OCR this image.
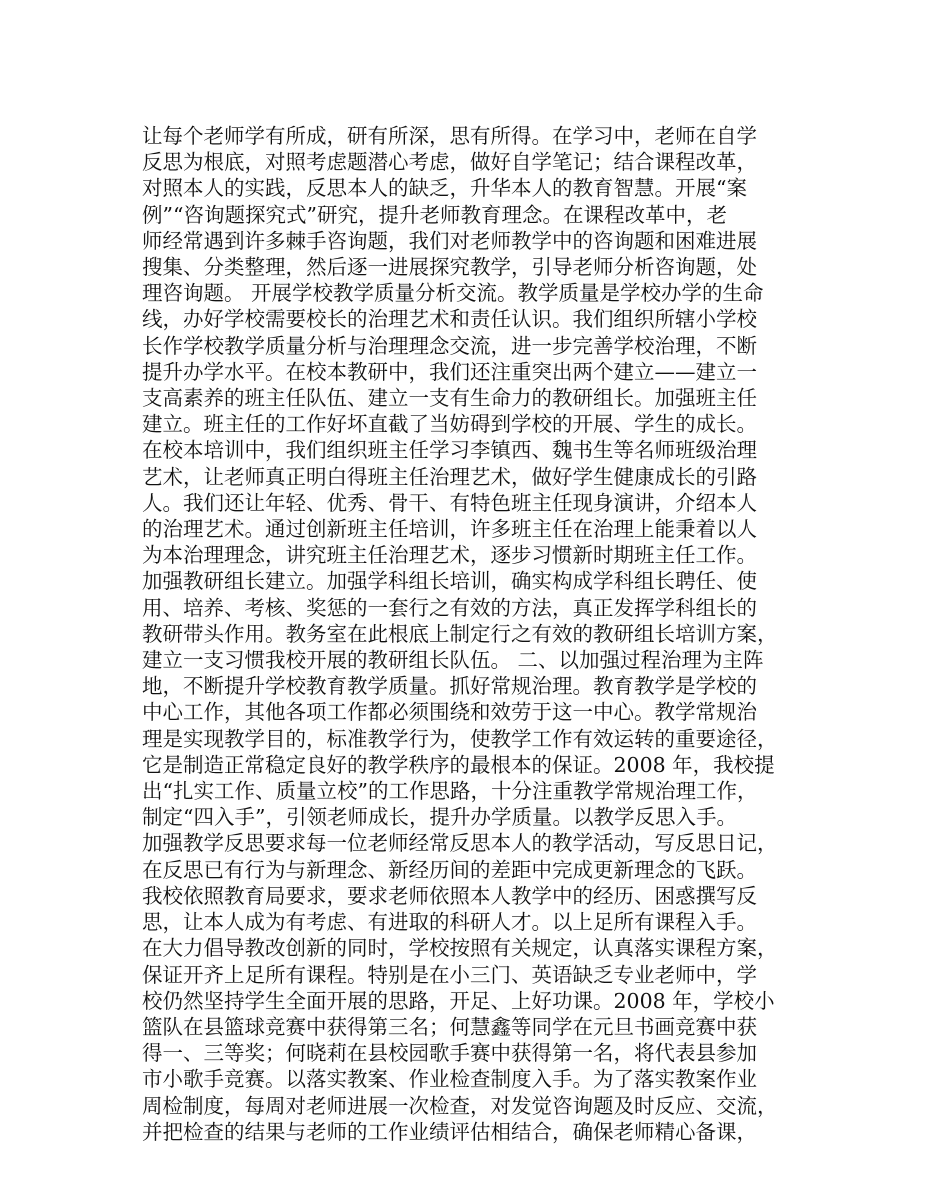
让每个老师学有所成，研有所深，思有所得。在学习中，老师在自学
反思为根底，对照考虑题潜心考虑，做好自学笔记；结合课程改革，
对照本人的实践，反思本人的缺乏，升华本人的教育智慧。开展“案
例”“咨询题探究式”研究，提升老师教育理念。在课程改革中，老
师经常遇到许多棘手咨询题，我们对老师教学中的咨询题和困难进展
搜集、分类整理，然后逐一进展探究教学，引导老师分析咨询题，处
理咨询题。 开展学校教学质量分析交流。教学质量是学校办学的生命
线，办好学校需要校长的治理艺术和责任认识。我们组织所辖小学校
长作学校教学质量分析与治理理念交流，进一步完善学校治理，不断
提升办学水平。在校本教研中，我们还注重突出两个建立——建立一
支高素养的班主任队伍、建立一支有生命力的教研组长。加强班主任
建立。班主任的工作好坏直截了当妨碍到学校的开展、学生的成长。
在校本培训中，我们组织班主任学习李镇西、魏书生等名师班级治理
艺术，让老师真正明白得班主任治理艺术，做好学生健康成长的引路
人。我们还让年轻、优秀、骨干、有特色班主任现身演讲，介绍本人
的治理艺术。通过创新班主任培训，许多班主任在治理上能秉着以人
为本治理理念，讲究班主任治理艺术，逐步习惯新时期班主任工作。
加强教研组长建立。加强学科组长培训，确实构成学科组长聘任、使
用、培养、考核、奖惩的一套行之有效的方法，真正发挥学科组长的
教研带头作用。教务室在此根底上制定行之有效的教研组长培训方案，
建立一支习惯我校开展的教研组长队伍。 二、以加强过程治理为主阵
地，不断提升学校教育教学质量。抓好常规治理。教育教学是学校的
中心工作，其他各项工作都必须围绕和效劳于这一中心。教学常规治
理是实现教学目的，标准教学行为，使教学工作有效运转的重要途径，
它是制造正常稳定良好的教学秩序的最根本的保证。2008 年，我校提
出“扎实工作、质量立校”的工作思路，十分注重教学常规治理工作，
制定“四入手”，引领老师成长，提升办学质量。以教学反思入手。
加强教学反思要求每一位老师经常反思本人的教学活动，写反思日记，
在反思已有行为与新理念、新经历间的差距中完成更新理念的飞跃。
我校依照教育局要求，要求老师依照本人教学中的经历、困惑撰写反
思，让本人成为有考虑、有进取的科研人才。以上足所有课程入手。
在大力倡导教改创新的同时，学校按照有关规定，认真落实课程方案，
保证开齐上足所有课程。特别是在小三门、英语缺乏专业老师中，学
校仍然坚持学生全面开展的思路，开足、上好功课。2008 年，学校小
篮队在县篮球竞赛中获得第三名；何慧鑫等同学在元旦书画竞赛中获
得一、三等奖；何晓莉在县校园歌手赛中获得第一名，将代表县参加
市小歌手竞赛。以落实教案、作业检查制度入手。为了落实教案作业
周检制度，每周对老师进展一次检查，对发觉咨询题及时反应、交流，
并把检查的结果与老师的工作业绩评估相结合，确保老师精心备课，
